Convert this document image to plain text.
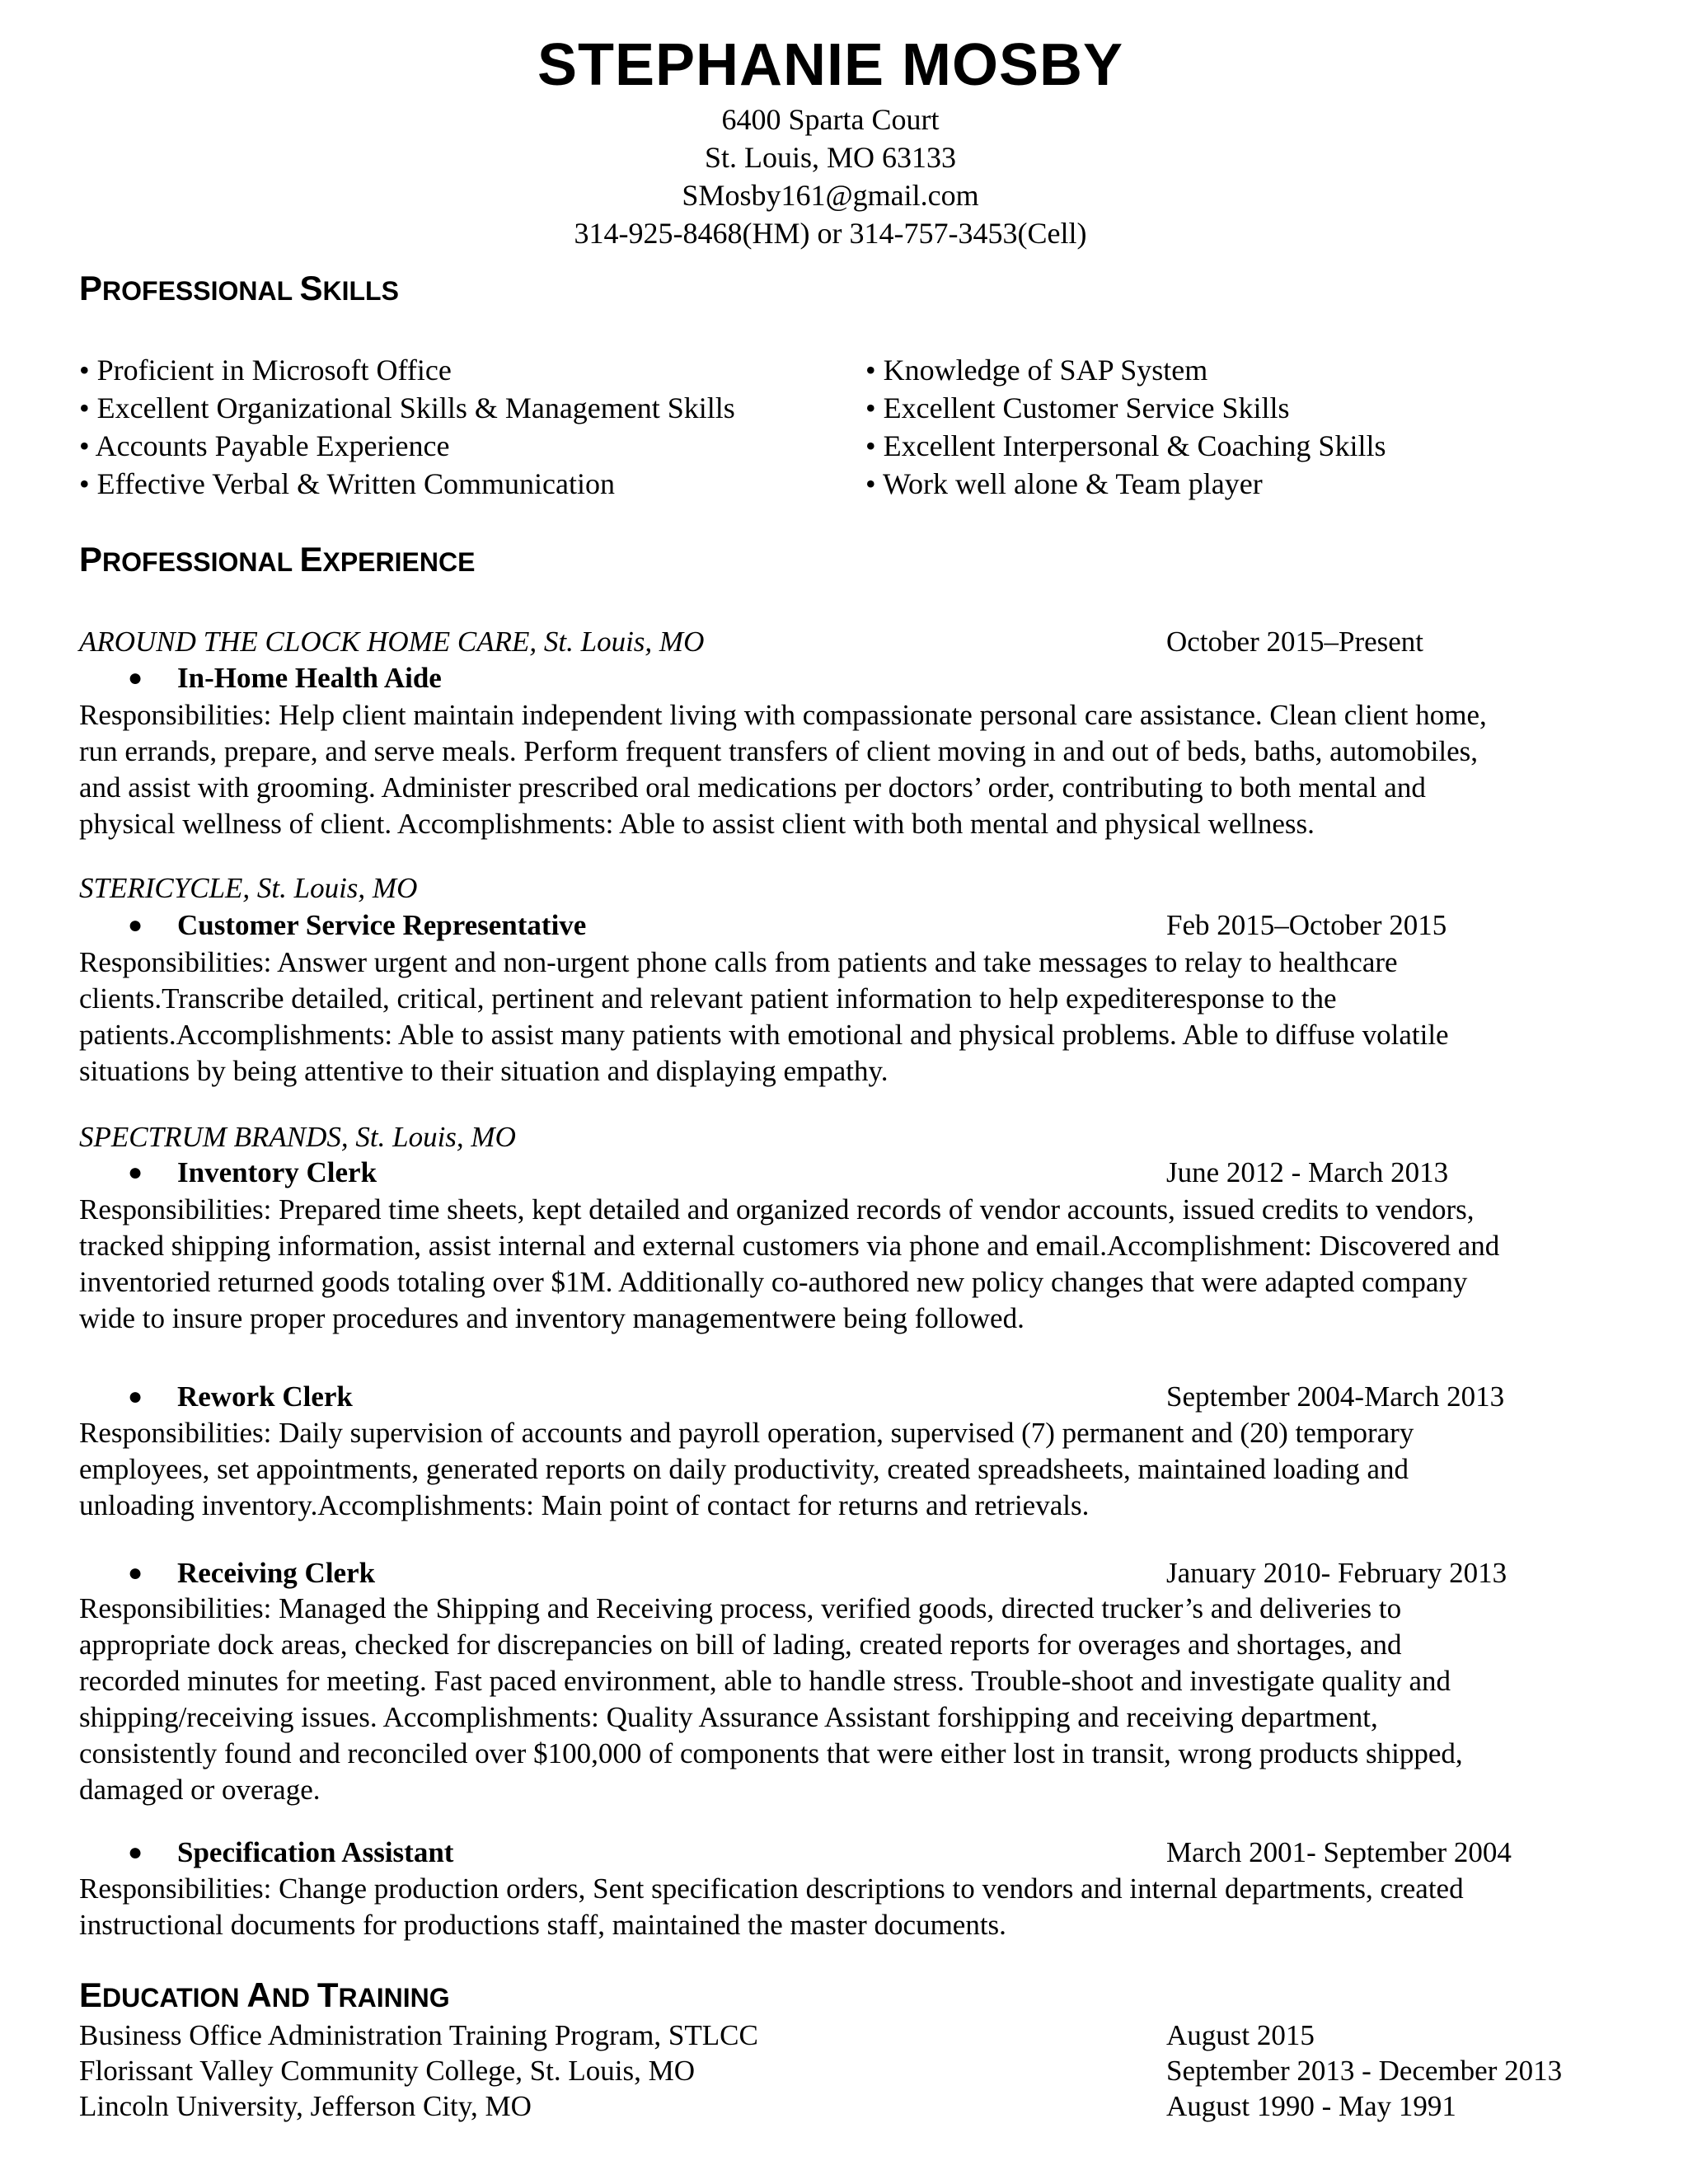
STEPHANIE MOSBY
6400 Sparta Court
St. Louis, MO 63133
SMosby161@gmail.com
314-925-8468(HM) or 314-757-3453(Cell)
PROFESSIONAL SKILLS
• Proficient in Microsoft Office
• Excellent Organizational Skills & Management Skills
• Accounts Payable Experience
• Effective Verbal & Written Communication
• Knowledge of SAP System
• Excellent Customer Service Skills
• Excellent Interpersonal & Coaching Skills
• Work well alone & Team player
PROFESSIONAL EXPERIENCE
AROUND THE CLOCK HOME CARE, St. Louis, MO	October 2015–Present
● In-Home Health Aide
Responsibilities: Help client maintain independent living with compassionate personal care assistance. Clean client home,
run errands, prepare, and serve meals. Perform frequent transfers of client moving in and out of beds, baths, automobiles,
and assist with grooming. Administer prescribed oral medications per doctors’ order, contributing to both mental and
physical wellness of client. Accomplishments: Able to assist client with both mental and physical wellness.
STERICYCLE, St. Louis, MO
● Customer Service Representative	Feb 2015–October 2015
Responsibilities: Answer urgent and non-urgent phone calls from patients and take messages to relay to healthcare
clients.Transcribe detailed, critical, pertinent and relevant patient information to help expediteresponse to the
patients.Accomplishments: Able to assist many patients with emotional and physical problems. Able to diffuse volatile
situations by being attentive to their situation and displaying empathy.
SPECTRUM BRANDS, St. Louis, MO
● Inventory Clerk	June 2012 - March 2013
Responsibilities: Prepared time sheets, kept detailed and organized records of vendor accounts, issued credits to vendors,
tracked shipping information, assist internal and external customers via phone and email.Accomplishment: Discovered and
inventoried returned goods totaling over $1M. Additionally co-authored new policy changes that were adapted company
wide to insure proper procedures and inventory managementwere being followed.
● Rework Clerk	September 2004-March 2013
Responsibilities: Daily supervision of accounts and payroll operation, supervised (7) permanent and (20) temporary
employees, set appointments, generated reports on daily productivity, created spreadsheets, maintained loading and
unloading inventory.Accomplishments: Main point of contact for returns and retrievals.
● Receiving Clerk	January 2010- February 2013
Responsibilities: Managed the Shipping and Receiving process, verified goods, directed trucker’s and deliveries to
appropriate dock areas, checked for discrepancies on bill of lading, created reports for overages and shortages, and
recorded minutes for meeting. Fast paced environment, able to handle stress. Trouble-shoot and investigate quality and
shipping/receiving issues. Accomplishments: Quality Assurance Assistant forshipping and receiving department,
consistently found and reconciled over $100,000 of components that were either lost in transit, wrong products shipped,
damaged or overage.
● Specification Assistant	March 2001- September 2004
Responsibilities: Change production orders, Sent specification descriptions to vendors and internal departments, created
instructional documents for productions staff, maintained the master documents.
EDUCATION AND TRAINING
Business Office Administration Training Program, STLCC	August 2015
Florissant Valley Community College, St. Louis, MO	September 2013 - December 2013
Lincoln University, Jefferson City, MO	August 1990 - May 1991
